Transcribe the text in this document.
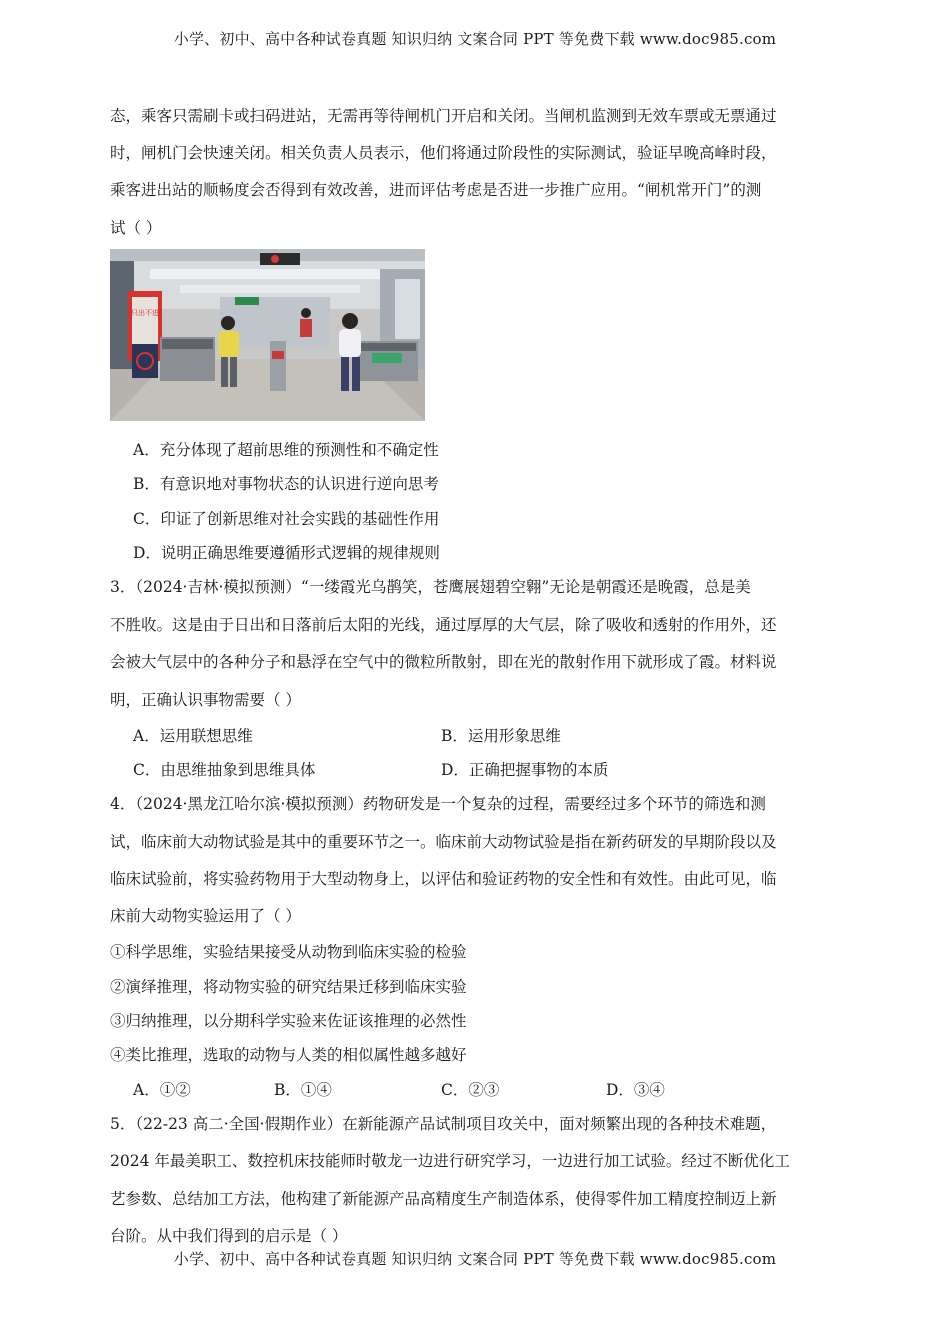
小学、初中、高中各种试卷真题 知识归纳 文案合同 PPT 等免费下载 www.doc985.com
态，乘客只需刷卡或扫码进站，无需再等待闸机门开启和关闭。当闸机监测到无效车票或无票通过
时，闸机门会快速关闭。相关负责人员表示，他们将通过阶段性的实际测试，验证早晚高峰时段，
乘客进出站的顺畅度会否得到有效改善，进而评估考虑是否进一步推广应用。“闸机常开门”的测
试（ ）
只出不进
A．充分体现了超前思维的预测性和不确定性
B．有意识地对事物状态的认识进行逆向思考
C．印证了创新思维对社会实践的基础性作用
D．说明正确思维要遵循形式逻辑的规律规则
3．（2024·吉林·模拟预测）“一缕霞光乌鹊笑，苍鹰展翅碧空翱”无论是朝霞还是晚霞，总是美
不胜收。这是由于日出和日落前后太阳的光线，通过厚厚的大气层，除了吸收和透射的作用外，还
会被大气层中的各种分子和悬浮在空气中的微粒所散射，即在光的散射作用下就形成了霞。材料说
明，正确认识事物需要（ ）
A．运用联想思维	B．运用形象思维
C．由思维抽象到思维具体	D．正确把握事物的本质
4．（2024·黑龙江哈尔滨·模拟预测）药物研发是一个复杂的过程，需要经过多个环节的筛选和测
试，临床前大动物试验是其中的重要环节之一。临床前大动物试验是指在新药研发的早期阶段以及
临床试验前，将实验药物用于大型动物身上，以评估和验证药物的安全性和有效性。由此可见，临
床前大动物实验运用了（ ）
①科学思维，实验结果接受从动物到临床实验的检验
②演绎推理，将动物实验的研究结果迁移到临床实验
③归纳推理，以分期科学实验来佐证该推理的必然性
④类比推理，选取的动物与人类的相似属性越多越好
A．①②	B．①④	C．②③	D．③④
5．（22-23 高二·全国·假期作业）在新能源产品试制项目攻关中，面对频繁出现的各种技术难题，
2024 年最美职工、数控机床技能师时敬龙一边进行研究学习，一边进行加工试验。经过不断优化工
艺参数、总结加工方法，他构建了新能源产品高精度生产制造体系，使得零件加工精度控制迈上新
台阶。从中我们得到的启示是（ ）
小学、初中、高中各种试卷真题 知识归纳 文案合同 PPT 等免费下载 www.doc985.com
